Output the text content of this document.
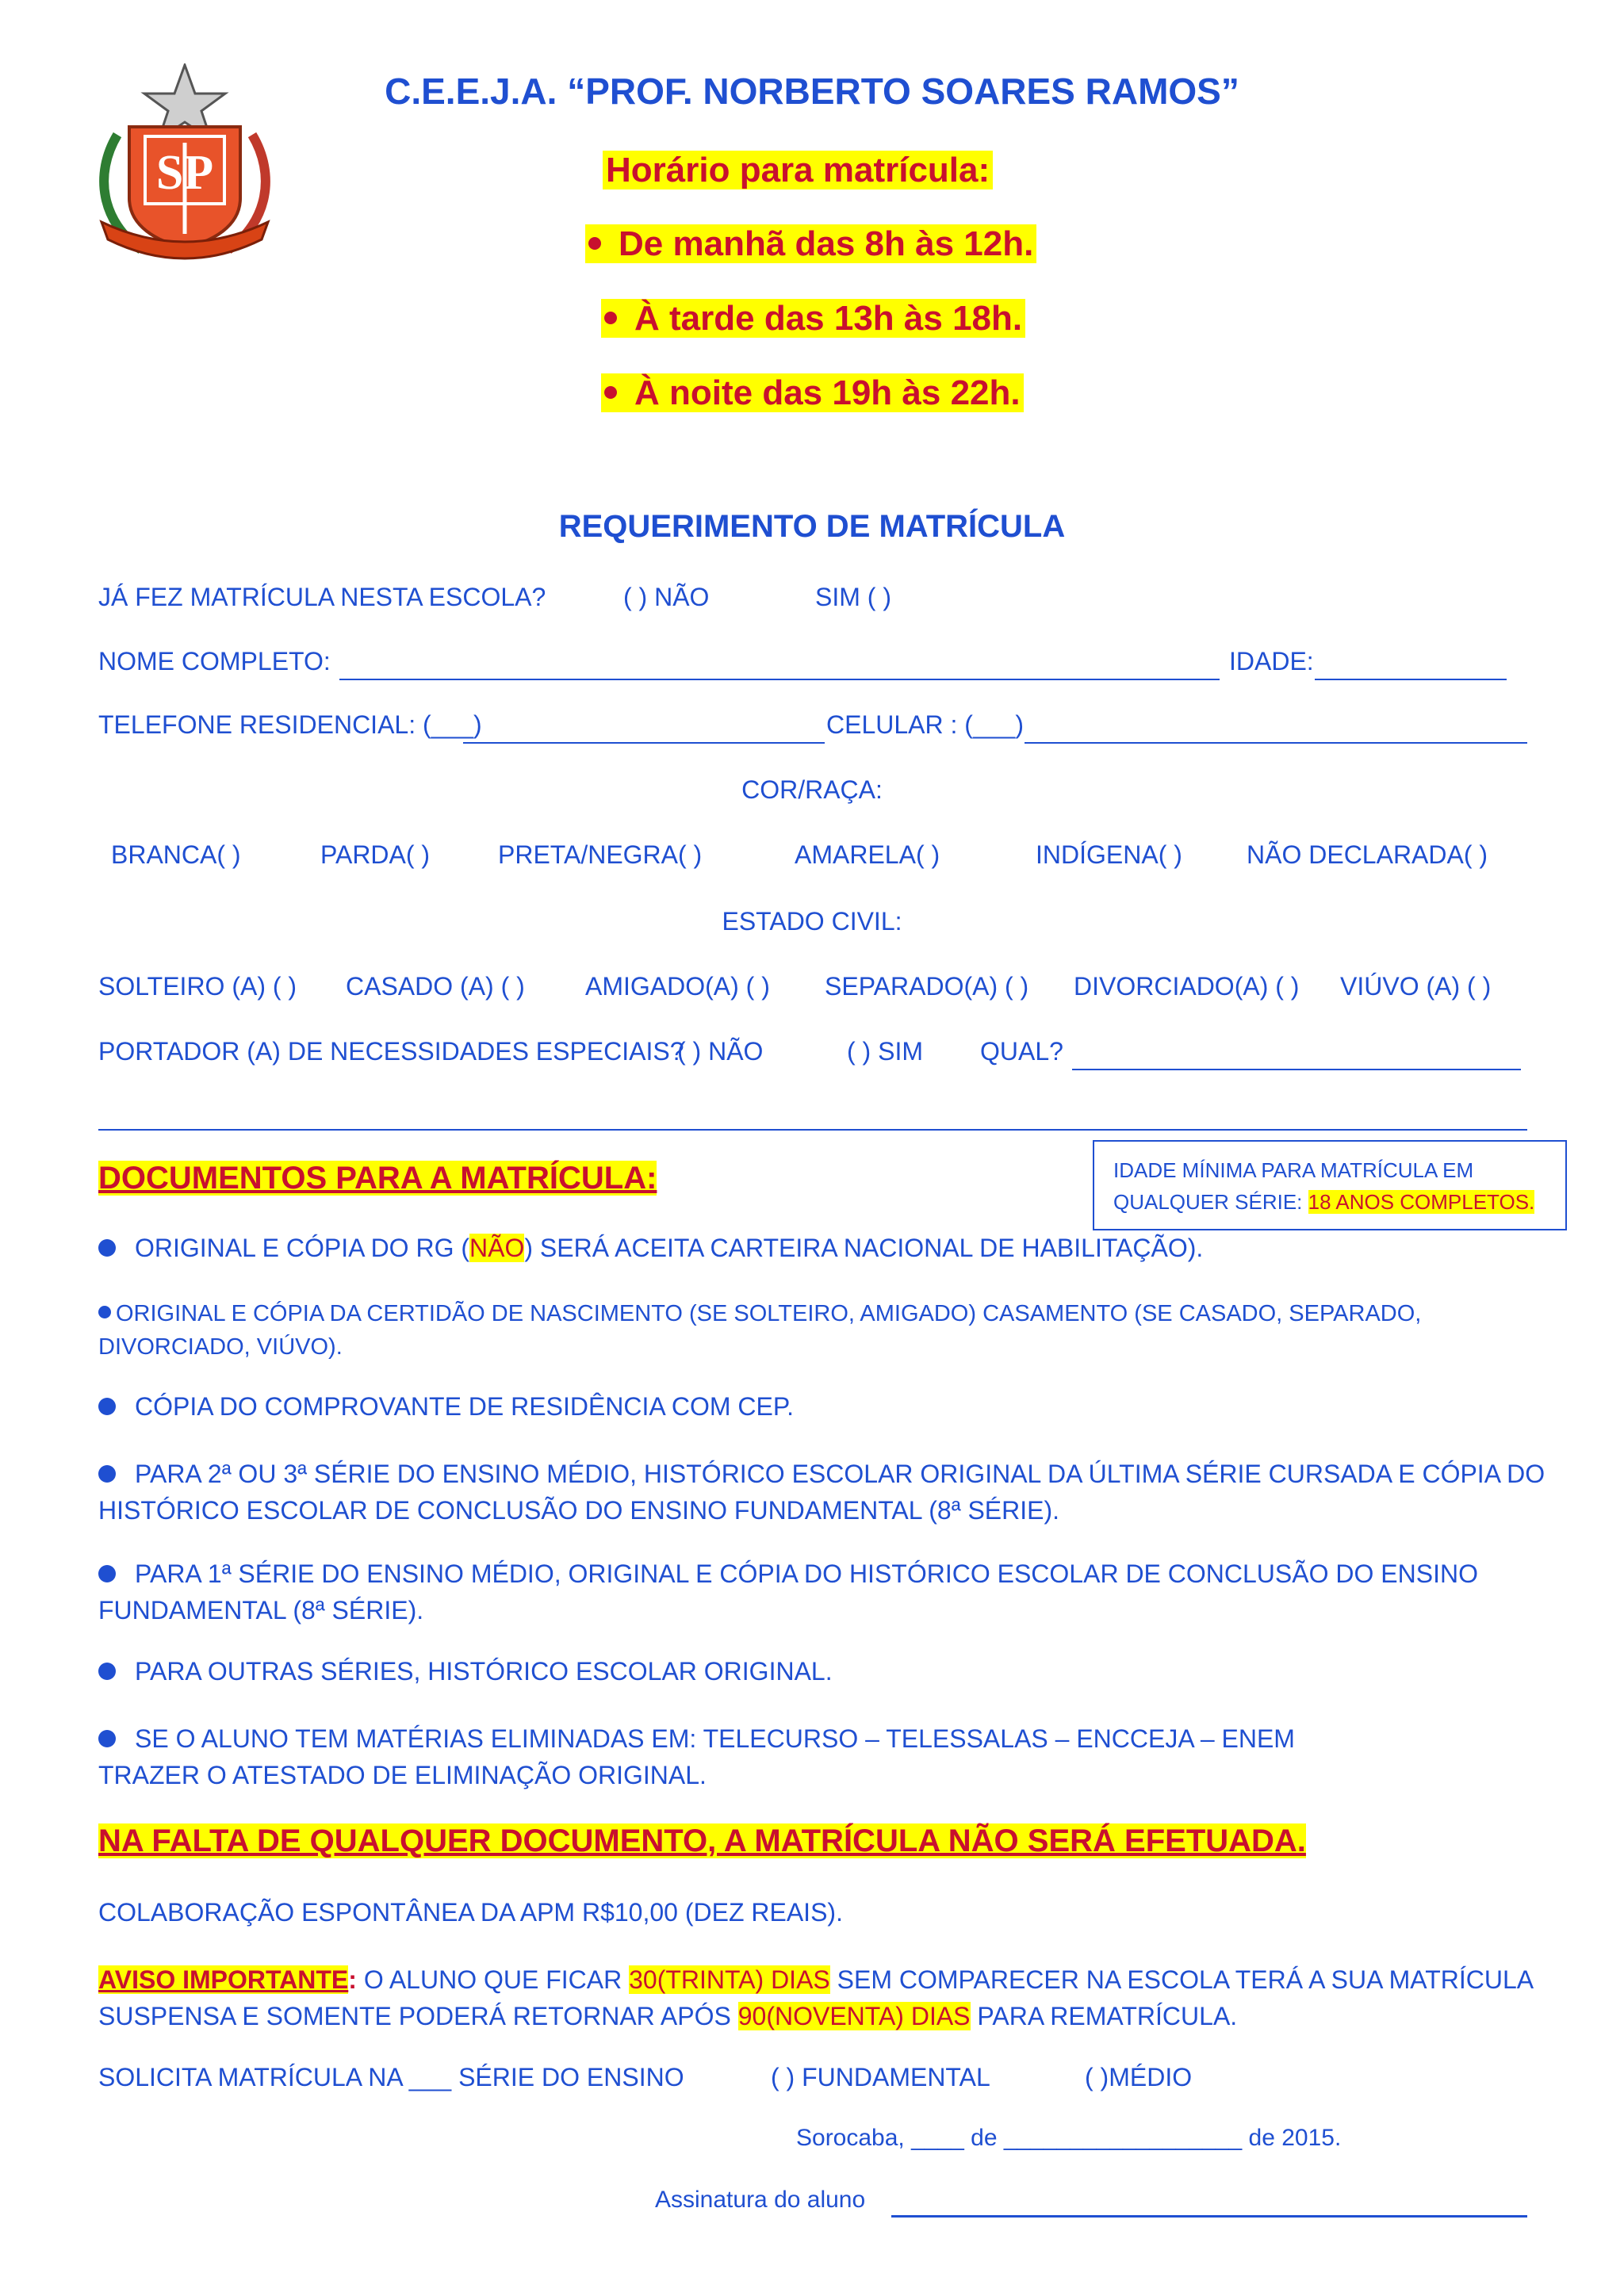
SP
C.E.E.J.A. “PROF. NORBERTO SOARES RAMOS”
Horário para matrícula:
De manhã das 8h às 12h.
À tarde das 13h às 18h.
À noite das 19h às 22h.
REQUERIMENTO DE MATRÍCULA
JÁ FEZ MATRÍCULA NESTA ESCOLA?	( ) NÃO	SIM ( )
NOME COMPLETO:	IDADE:
TELEFONE RESIDENCIAL: (___)	CELULAR : (___)
COR/RAÇA:
BRANCA( )	PARDA( )	PRETA/NEGRA( )	AMARELA( )	INDÍGENA( )	NÃO DECLARADA( )
ESTADO CIVIL:
SOLTEIRO (A) ( ) CASADO (A) ( ) AMIGADO(A) ( ) SEPARADO(A) ( ) DIVORCIADO(A) ( ) VIÚVO (A) ( )
PORTADOR (A) DE NECESSIDADES ESPECIAIS?
( ) NÃO	( ) SIM QUAL?
IDADE MÍNIMA PARA MATRÍCULA EM
QUALQUER SÉRIE: 18 ANOS COMPLETOS.
DOCUMENTOS PARA A MATRÍCULA:
ORIGINAL E CÓPIA DO RG (NÃO) SERÁ ACEITA CARTEIRA NACIONAL DE HABILITAÇÃO).
ORIGINAL E CÓPIA DA CERTIDÃO DE NASCIMENTO (SE SOLTEIRO, AMIGADO) CASAMENTO (SE CASADO, SEPARADO,
DIVORCIADO, VIÚVO).
CÓPIA DO COMPROVANTE DE RESIDÊNCIA COM CEP.
PARA 2ª OU 3ª SÉRIE DO ENSINO MÉDIO, HISTÓRICO ESCOLAR ORIGINAL DA ÚLTIMA SÉRIE CURSADA E CÓPIA DO
HISTÓRICO ESCOLAR DE CONCLUSÃO DO ENSINO FUNDAMENTAL (8ª SÉRIE).
PARA 1ª SÉRIE DO ENSINO MÉDIO, ORIGINAL E CÓPIA DO HISTÓRICO ESCOLAR DE CONCLUSÃO DO ENSINO
FUNDAMENTAL (8ª SÉRIE).
PARA OUTRAS SÉRIES, HISTÓRICO ESCOLAR ORIGINAL.
SE O ALUNO TEM MATÉRIAS ELIMINADAS EM: TELECURSO – TELESSALAS – ENCCEJA – ENEM
TRAZER O ATESTADO DE ELIMINAÇÃO ORIGINAL.
NA FALTA DE QUALQUER DOCUMENTO, A MATRÍCULA NÃO SERÁ EFETUADA.
COLABORAÇÃO ESPONTÂNEA DA APM R$10,00 (DEZ REAIS).
AVISO IMPORTANTE: O ALUNO QUE FICAR 30(TRINTA) DIAS SEM COMPARECER NA ESCOLA TERÁ A SUA MATRÍCULA
SUSPENSA E SOMENTE PODERÁ RETORNAR APÓS 90(NOVENTA) DIAS PARA REMATRÍCULA.
SOLICITA MATRÍCULA NA ___ SÉRIE DO ENSINO	( ) FUNDAMENTAL	( )MÉDIO
Sorocaba, ____ de __________________ de 2015.
Assinatura do aluno
